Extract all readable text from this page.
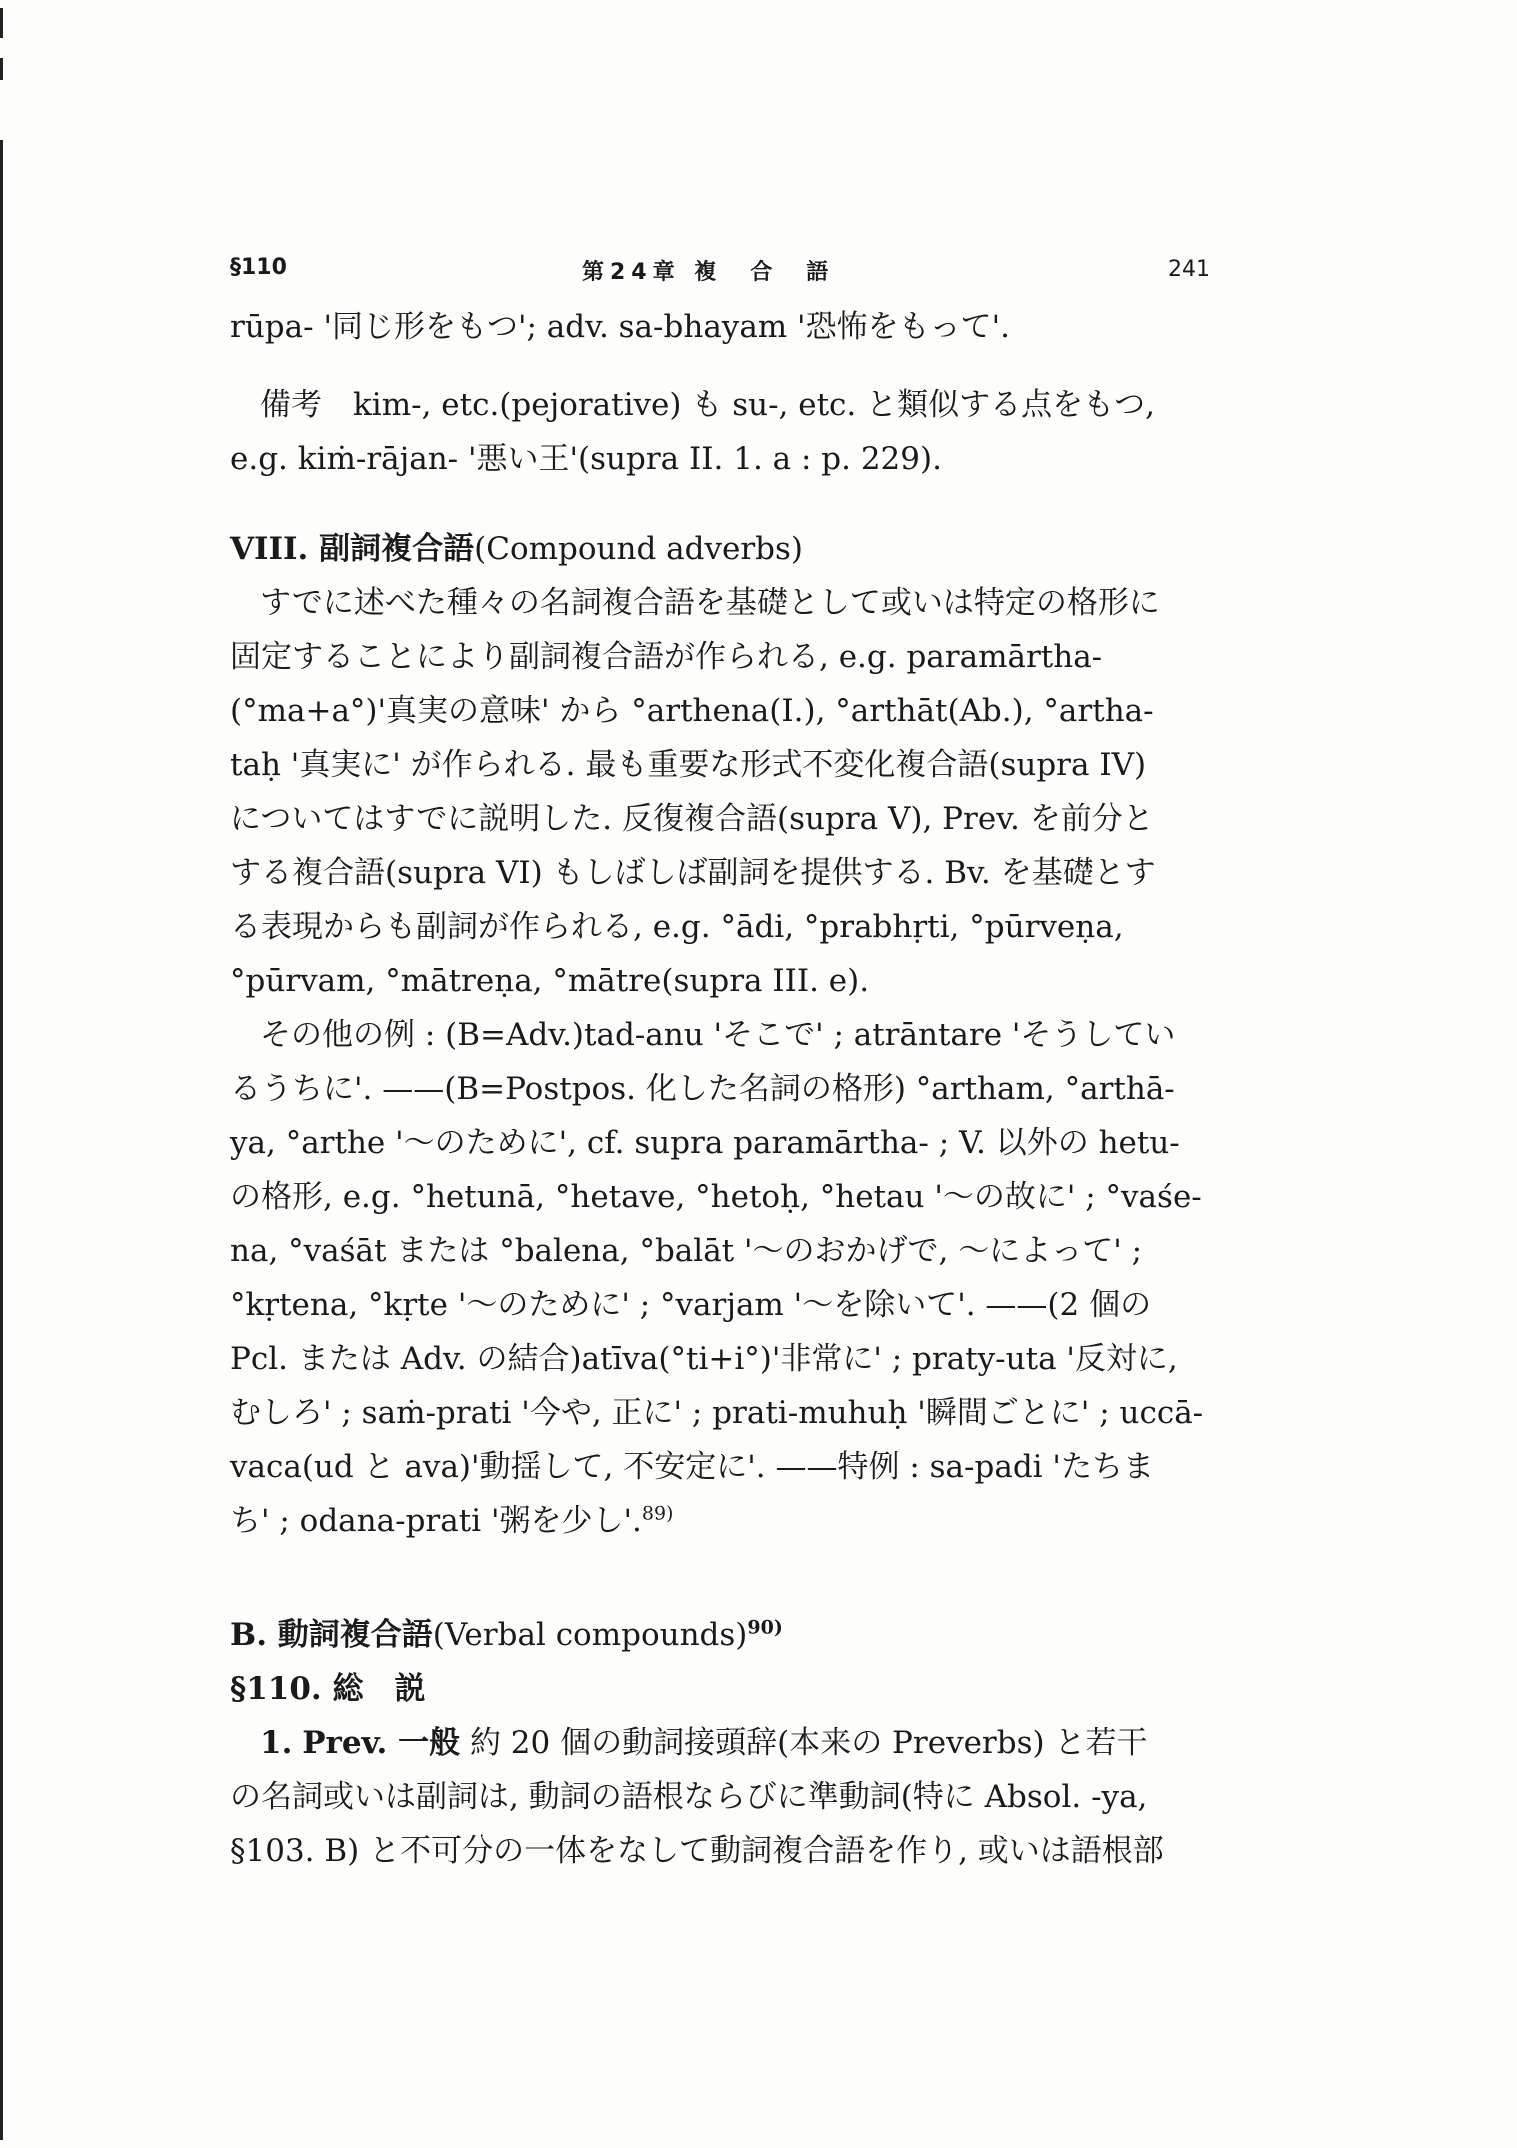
§110	第24章 複　合　語	241
rūpa- '同じ形をもつ'; adv. sa-bhayam '恐怖をもって'.
備考　kim-, etc.(pejorative) も su-, etc. と類似する点をもつ,
e.g. kiṁ-rājan- '悪い王'(supra II. 1. a : p. 229).
VIII. 副詞複合語(Compound adverbs)
すでに述べた種々の名詞複合語を基礎として或いは特定の格形に
固定することにより副詞複合語が作られる, e.g. paramārtha-
(°ma+a°)'真実の意味' から °arthena(I.), °arthāt(Ab.), °artha-
taḥ '真実に' が作られる. 最も重要な形式不変化複合語(supra IV)
についてはすでに説明した. 反復複合語(supra V), Prev. を前分と
する複合語(supra VI) もしばしば副詞を提供する. Bv. を基礎とす
る表現からも副詞が作られる, e.g. °ādi, °prabhṛti, °pūrveṇa,
°pūrvam, °mātreṇa, °mātre(supra III. e).
その他の例 : (B=Adv.)tad-anu 'そこで' ; atrāntare 'そうしてい
るうちに'. ——(B=Postpos. 化した名詞の格形) °artham, °arthā-
ya, °arthe '～のために', cf. supra paramārtha- ; V. 以外の hetu-
の格形, e.g. °hetunā, °hetave, °hetoḥ, °hetau '～の故に' ; °vaśe-
na, °vaśāt または °balena, °balāt '～のおかげで, ～によって' ;
°kṛtena, °kṛte '～のために' ; °varjam '～を除いて'. ——(2 個の
Pcl. または Adv. の結合)atīva(°ti+i°)'非常に' ; praty-uta '反対に,
むしろ' ; saṁ-prati '今や, 正に' ; prati-muhuḥ '瞬間ごとに' ; uccā-
vaca(ud と ava)'動揺して, 不安定に'. ——特例 : sa-padi 'たちま
ち' ; odana-prati '粥を少し'.$^{89)}$
B. 動詞複合語(Verbal compounds)$^{90)}$
§110. 総　説
1. Prev. 一般 約 20 個の動詞接頭辞(本来の Preverbs) と若干
の名詞或いは副詞は, 動詞の語根ならびに準動詞(特に Absol. -ya,
§103. B) と不可分の一体をなして動詞複合語を作り, 或いは語根部
